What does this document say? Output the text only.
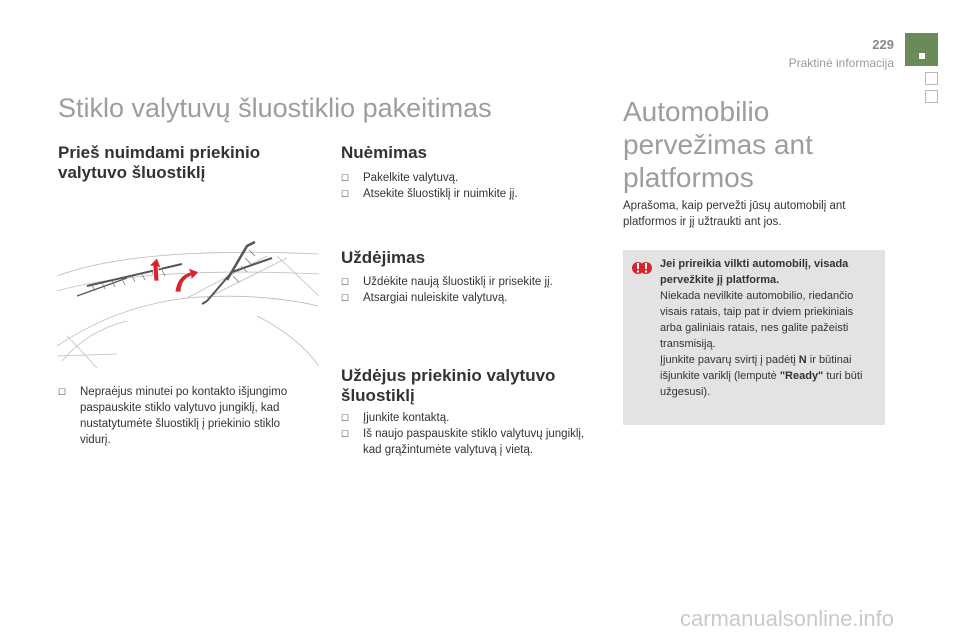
229
Praktinė informacija
Stiklo valytuvų šluostiklio pakeitimas
Prieš nuimdami priekinio valytuvo šluostiklį
☐ Nepraėjus minutei po kontakto išjungimo paspauskite stiklo valytuvo jungiklį, kad nustatytumėte šluostiklį į priekinio stiklo vidurį.
Nuėmimas
☐ Pakelkite valytuvą.
☐ Atsekite šluostiklį ir nuimkite jį.
Uždėjimas
☐ Uždėkite naują šluostiklį ir prisekite jį.
☐ Atsargiai nuleiskite valytuvą.
Uždėjus priekinio valytuvo šluostiklį
☐ Įjunkite kontaktą.
☐ Iš naujo paspauskite stiklo valytuvų jungiklį, kad grąžintumėte valytuvą į vietą.
Automobilio pervežimas ant platformos
Aprašoma, kaip pervežti jūsų automobilį ant platformos ir jį užtraukti ant jos.
Jei prireikia vilkti automobilį, visada pervežkite jį platforma.
Niekada nevilkite automobilio, riedančio visais ratais, taip pat ir dviem priekiniais arba galiniais ratais, nes galite pažeisti transmisiją.
Įjunkite pavarų svirtį į padėtį N ir būtinai išjunkite variklį (lemputė "Ready" turi būti užgesusi).
carmanualsonline.info
